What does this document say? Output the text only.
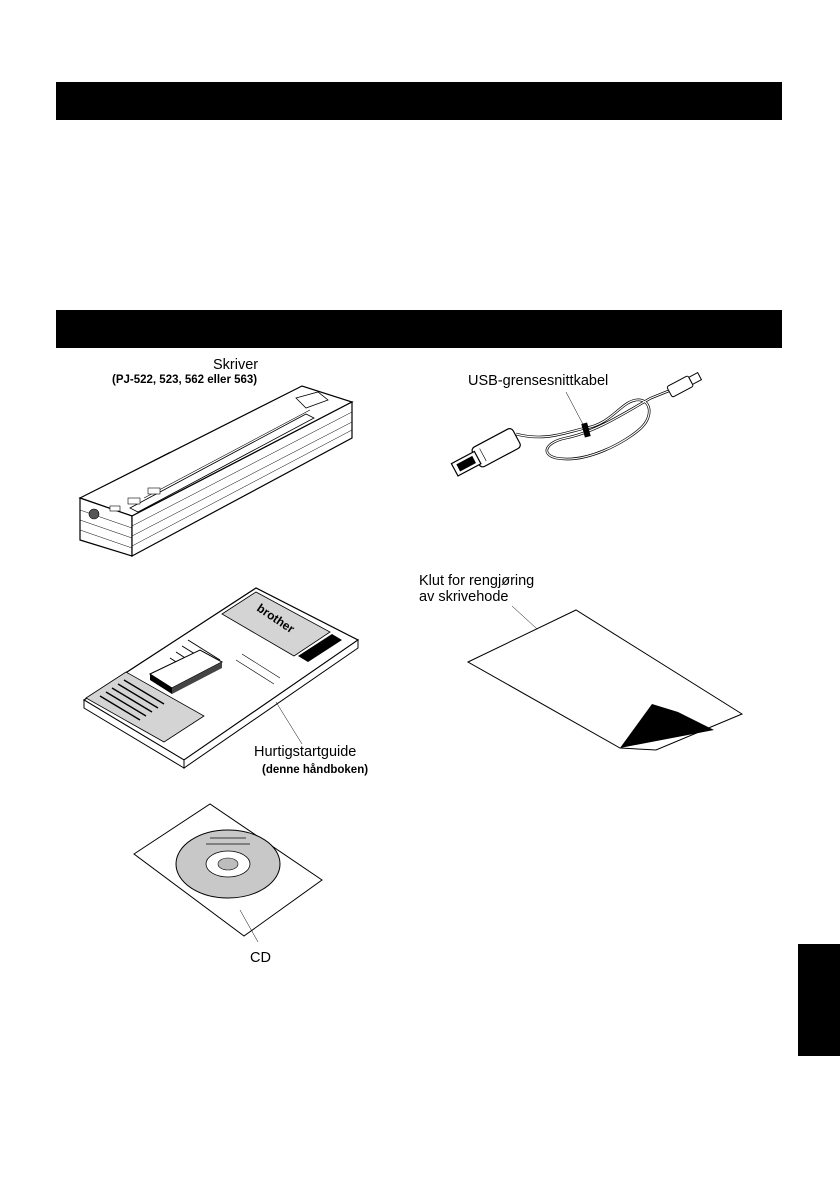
Skriver
(PJ-522, 523, 562 eller 563)	USB-grensesnittkabel
brother
Hurtigstartguide
(denne håndboken)
Klut for rengjøring
av skrivehode
CD
